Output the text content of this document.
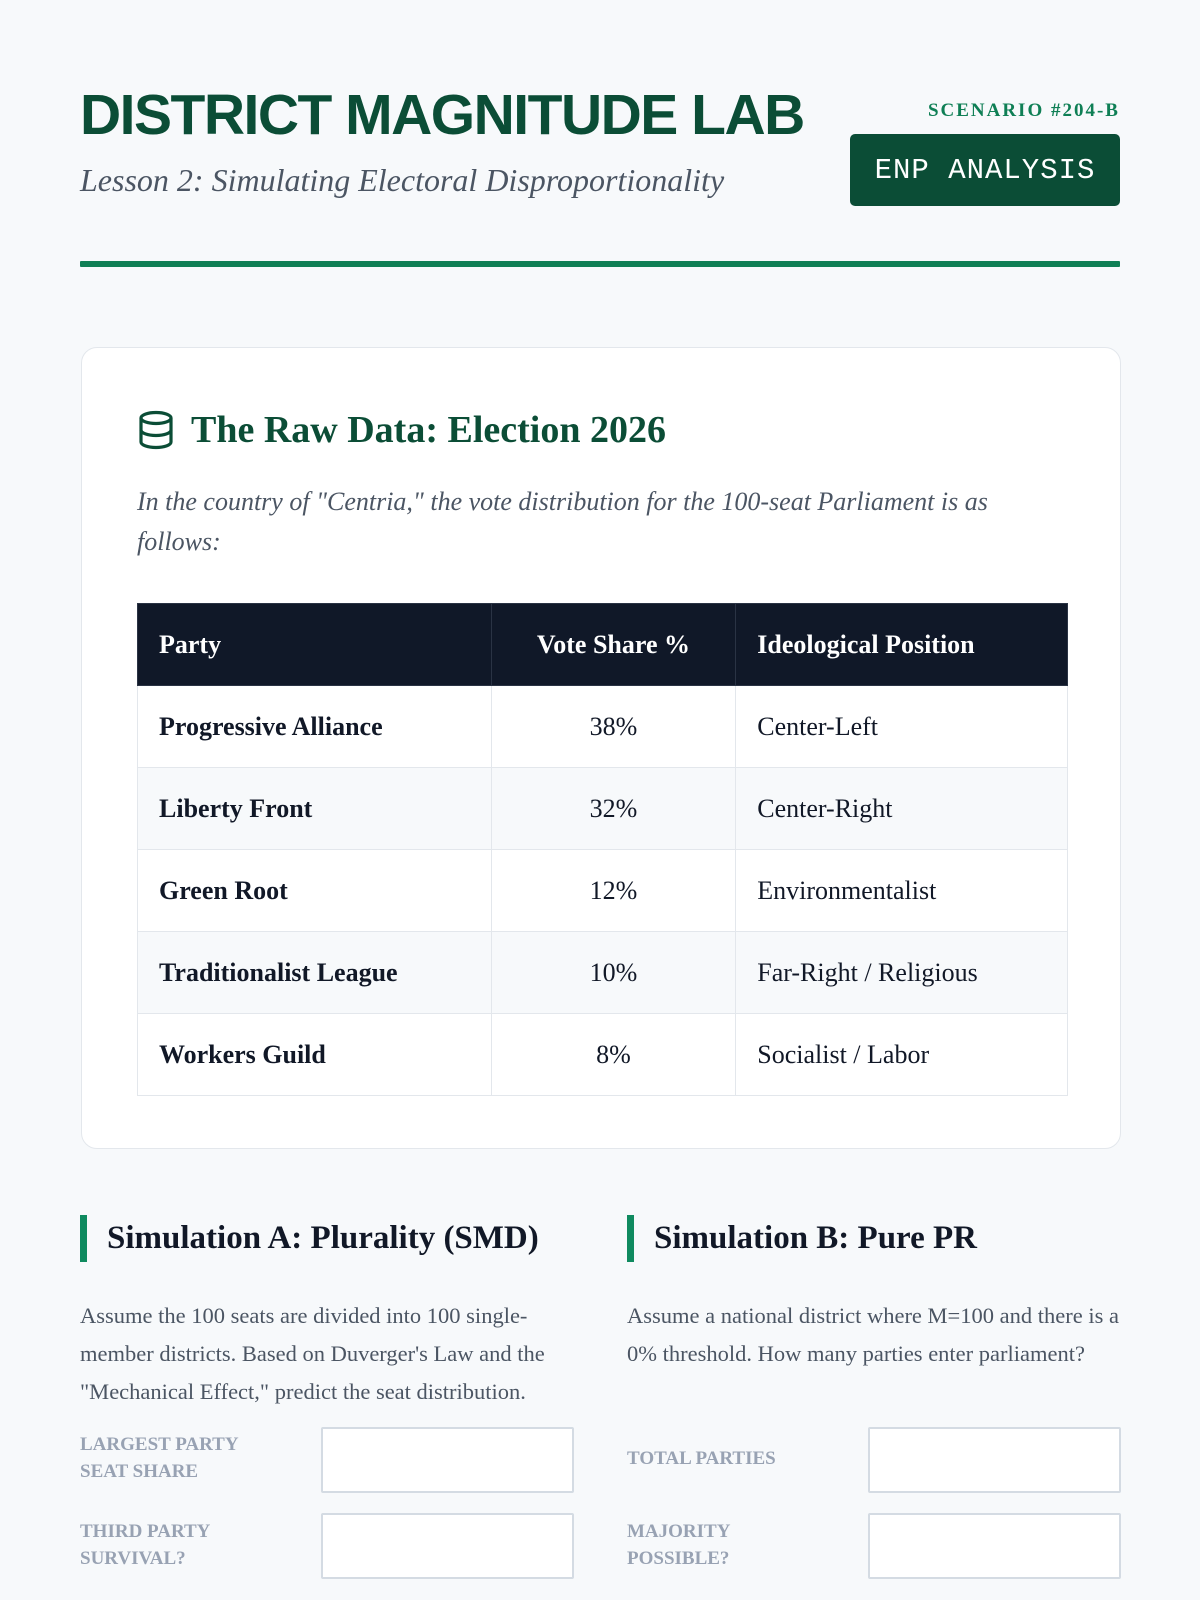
DISTRICT MAGNITUDE LAB

Lesson 2: Simulating Electoral Disproportionality

SCENARIO #204-B
ENP ANALYSIS
The Raw Data: Election 2026

In the country of "Centria," the vote distribution for the 100-seat Parliament is as follows:

Party	Vote Share %	Ideological Position
Progressive Alliance	38%	Center-Left
Liberty Front	32%	Center-Right
Green Root	12%	Environmentalist
Traditionalist League	10%	Far-Right / Religious
Workers Guild	8%	Socialist / Labor
Simulation A: Plurality (SMD)

Assume the 100 seats are divided into 100 single-member districts. Based on Duverger's Law and the "Mechanical Effect," predict the seat distribution.

LARGEST PARTY
SEAT SHARE
THIRD PARTY
SURVIVAL?
Simulation B: Pure PR

Assume a national district where M=100 and there is a 0% threshold. How many parties enter parliament?

TOTAL PARTIES
MAJORITY
POSSIBLE?
